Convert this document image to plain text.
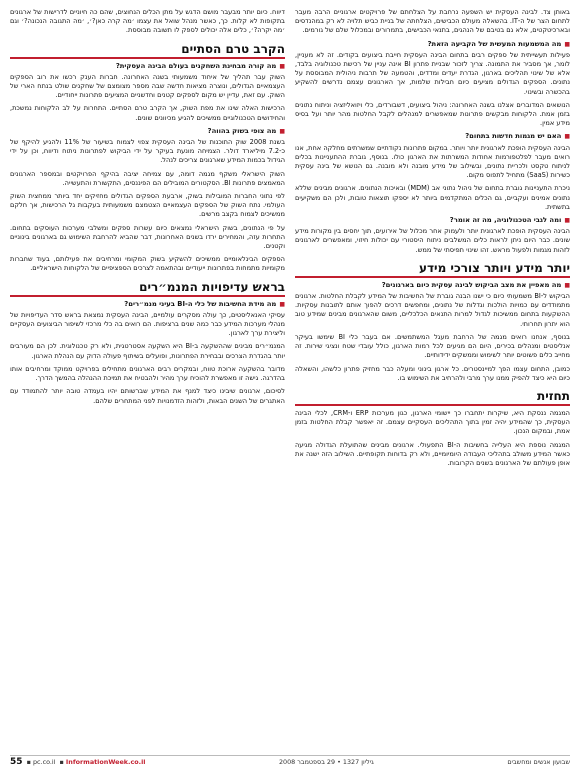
באותן צד. לבינה העסקית יש השפעה נרחבת על הצלחתם של פרויקטים ארגוניים הרבה מעבר לתחום הצר של ה-IT. בהשאלה מעולם הכבישים, הצלחתה של בניית כביש תלויה לא רק במהנדסים ובארכיטקטים, אלא גם בטיבם של הנהגים, בתנאי הכבישים, בתמרורים ובמכלול שלם של גורמים.

■ מה המשמעות המעשית של הקביעה הזאת?

פעילות תעשייתית של ספקים רבים בתחום הבינה העסקית חייבת ביצועים בקודים. זה לא מעניין, לומר, אך מסביר את התמונה. צריך לזכור שבניית פתרון BI אינה עניין של רכישת טכנולוגיה בלבד, אלא של שינוי תהליכים בארגון, הגדרת יעדים ומדדים, והטמעה של תרבות ניהולית המבוססת על נתונים. הספקים הגדולים מציעים כיום חבילות שלמות, אך הארגונים עצמם נדרשים להשקיע בהכשרה ובשינוי.

הנושאים המדוברים אצלנו בשנה האחרונה: ניהול ביצועים, דשבורדים, כלי ויזואליזציה וניתוח נתונים בזמן אמת. הלקוחות מבקשים פתרונות שמאפשרים למנהלים לקבל החלטות מהר יותר ועל בסיס מידע אמין.

■ האם יש מגמות חדשות בתחום?

הבינה העסקית הופכת לארגונית יותר ויותר. במקום פתרונות נקודתיים שמשרתים מחלקה אחת, אנו רואים מעבר לפלטפורמות אחודות המשרתות את הארגון כולו. בנוסף, גוברת ההתעניינות בכלים לניתוח טקסט ולכריית נתונים, ובשילוב של מידע מובנה ולא מובנה. גם הנושא של בינה עסקית כשירות (SaaS) מתחיל לתפוס מקום.

ניכרת התעניינות גוברת בתחום של ניהול נתוני אב (MDM) ובאיכות הנתונים. ארגונים מבינים שללא נתונים אמינים ועקביים, גם הכלים המתקדמים ביותר לא יספקו תוצאות טובות, ולכן הם משקיעים בתשתית.

■ ומה לגבי הטכנולוגיה, מה זה אומר?

הבינה העסקית הופכת לארגונית יותר ולעמוק אחר מכלול של אירועים, תוך יחסים בין מקורות מידע שונים. כבר היום ניתן לראות כלים המשלבים ניתוח היסטורי עם יכולות חיזוי, ומאפשרים לארגונים לזהות מגמות ולפעול מראש. זהו שינוי תפיסתי של ממש.

יותר מידע ויותר צורכי מידע

■ מה מאפיין את מצב הביקוש לבינה עסקית כיום בארגונים?

הביקוש ל-BI משמעותי כיום כי ישנו הבנה גוברת של החשיבות של המידע לקבלת החלטות. ארגונים מתמודדים עם כמויות הולכות וגדלות של נתונים, ומחפשים דרכים להפוך אותם לתובנות עסקיות. ההשקעות בתחום ממשיכות לגדול למרות התנאים הכלכליים, משום שהארגונים מבינים שמידע טוב הוא יתרון תחרותי.

בנוסף, אנחנו רואים מגמה של הרחבת מעגל המשתמשים. אם בעבר כלי BI שימשו בעיקר אנליסטים ומנהלים בכירים, היום הם מגיעים לכל רמות הארגון, כולל עובדי שטח ונציגי שירות. זה מחייב כלים פשוטים יותר לשימוש וממשקים ידידותיים.

כמובן, התחום עצמו הפך למיינסטרים. כל ארגון בינוני ומעלה כבר מחזיק פתרון כלשהו, והשאלה כיום היא כיצד להפיק ממנו ערך מרבי ולהרחיב את השימוש בו.

תחזית

המגמה ננסקת היא, שיקרות יתחברו כך יישומי הארגון, כגון מערכות ERP ו-CRM, לכלי הבינה העסקית, כך שהמידע יהיה זמין בתוך התהליכים העסקיים עצמם. זה יאפשר קבלת החלטות בזמן אמת, ובמקום הנכון.

המגמה נוספת היא העלייה בחשיבות ה-BI התפעולי. ארגונים מבינים שהתועלת הגדולה מגיעה כאשר המידע משולב בתהליכי העבודה היומיומיים, ולא רק בדוחות תקופתיים. השילוב הזה ישנה את אופן פעולתם של הארגונים בשנים הקרובות.

דיווח. כיום יותר מבעבר מושם הדגש על מתן הכלים הנחוצים, שהם כה חיוניים לדרישות של ארגונים בתקופות לא קלות. כך, כאשר מנהל שואל את עצמו ׳מה קרה כאן?׳, ׳מה התגובה הנכונה?׳ וגם ׳מה יקרה?׳, כלים אלה יכולים לספק לו תשובה מבוססת.

הקרב טרם הסתיים

■ מה קורה מבחינת השחקנים בעולם הבינה העסקית?

השוק עבר תהליך של איחוד משמעותי בשנה האחרונה. חברות הענק רכשו את רוב הספקים העצמאיים הגדולים, ונוצרה מציאות חדשה שבה מספר מצומצם של שחקנים שולט בנתח הארי של השוק. עם זאת, עדיין יש מקום לספקים קטנים וחדשניים המציעים פתרונות ייחודיים.

הרכישות האלה שינו את מפת השוק, אך הקרב טרם הסתיים. התחרות על לב הלקוחות נמשכת, והחידושים הטכנולוגיים ממשיכים להגיע מכיוונים שונים.

■ מה צופי בשוק בהווה?

בשנת 2008 שוק התוכנות של הבינה העסקית צפוי לצמוח בשיעור של 11% ולהגיע להיקף של כ-7.2 מיליארד דולר. הצמיחה מונעת בעיקר על ידי הביקוש לפתרונות ניתוח ודיווח, וכן על ידי הגידול בכמות המידע שארגונים צריכים לנהל.

השוק הישראלי משקף מגמה דומה, עם צמיחה יציבה בהיקף הפרויקטים ובמספר הארגונים המאמצים פתרונות BI. הסקטורים המובילים הם הפיננסים, התקשורת והתעשייה.

לפי נתוני החברות המובילות בשוק, ארבעת הספקים הגדולים מחזיקים יחד ביותר ממחצית השוק העולמי. נתח השוק של הספקים העצמאיים הצטמצם משמעותית בעקבות גל הרכישות, אך חלקם ממשיכים לצמוח בקצב מרשים.

על פי הנתונים, בשוק הישראלי נמצאים כיום עשרות ספקים ומשלבי מערכות העוסקים בתחום. התחרות עזה, והמחירים ירדו בשנים האחרונות, דבר שהביא להרחבת השימוש גם בארגונים בינוניים וקטנים.

הספקים הבינלאומיים ממשיכים להשקיע בשוק המקומי ומרחיבים את פעילותם, בעוד שחברות מקומיות מתמחות בפתרונות ייעודיים ובהתאמה לצרכים הספציפיים של הלקוחות הישראליים.

בראש עדיפויות המנמ״רים

■ מה מידת החשיבות של כלי ה-BI בעיני מנמ״רים?

עסיקי האנאליסטים, כך עולה מסקרים עולמיים, הבינה העסקית נמצאת בראש סדר העדיפויות של מנהלי מערכות המידע כבר כמה שנים ברציפות. הם רואים בה כלי מרכזי לשיפור הביצועים העסקיים וליצירת ערך לארגון.

המנמ״רים מבינים שההשקעה ב-BI היא השקעה אסטרטגית, ולא רק טכנולוגית. לכן הם מעורבים יותר בהגדרת הצרכים ובבחירת הפתרונות, ופועלים בשיתוף פעולה הדוק עם הנהלת הארגון.

מדובר בהשקעה ארוכת טווח, ובמקרים רבים הארגונים מתחילים בפרויקט ממוקד ומרחיבים אותו בהדרגה. גישה זו מאפשרת להוכיח ערך מהיר ולהבטיח את תמיכת ההנהלה בהמשך הדרך.

לסיכום, ארגונים שיבינו כיצד למנף את המידע שברשותם יהיו בעמדה טובה יותר להתמודד עם האתגרים של השנים הבאות, ולזהות הזדמנויות לפני המתחרים שלהם.

55  ▪ pc.co.il  ▪ InformationWeek.co.il	גיליון 1327 • 29 בספטמבר 2008	שבועון אנשים ומחשבים
